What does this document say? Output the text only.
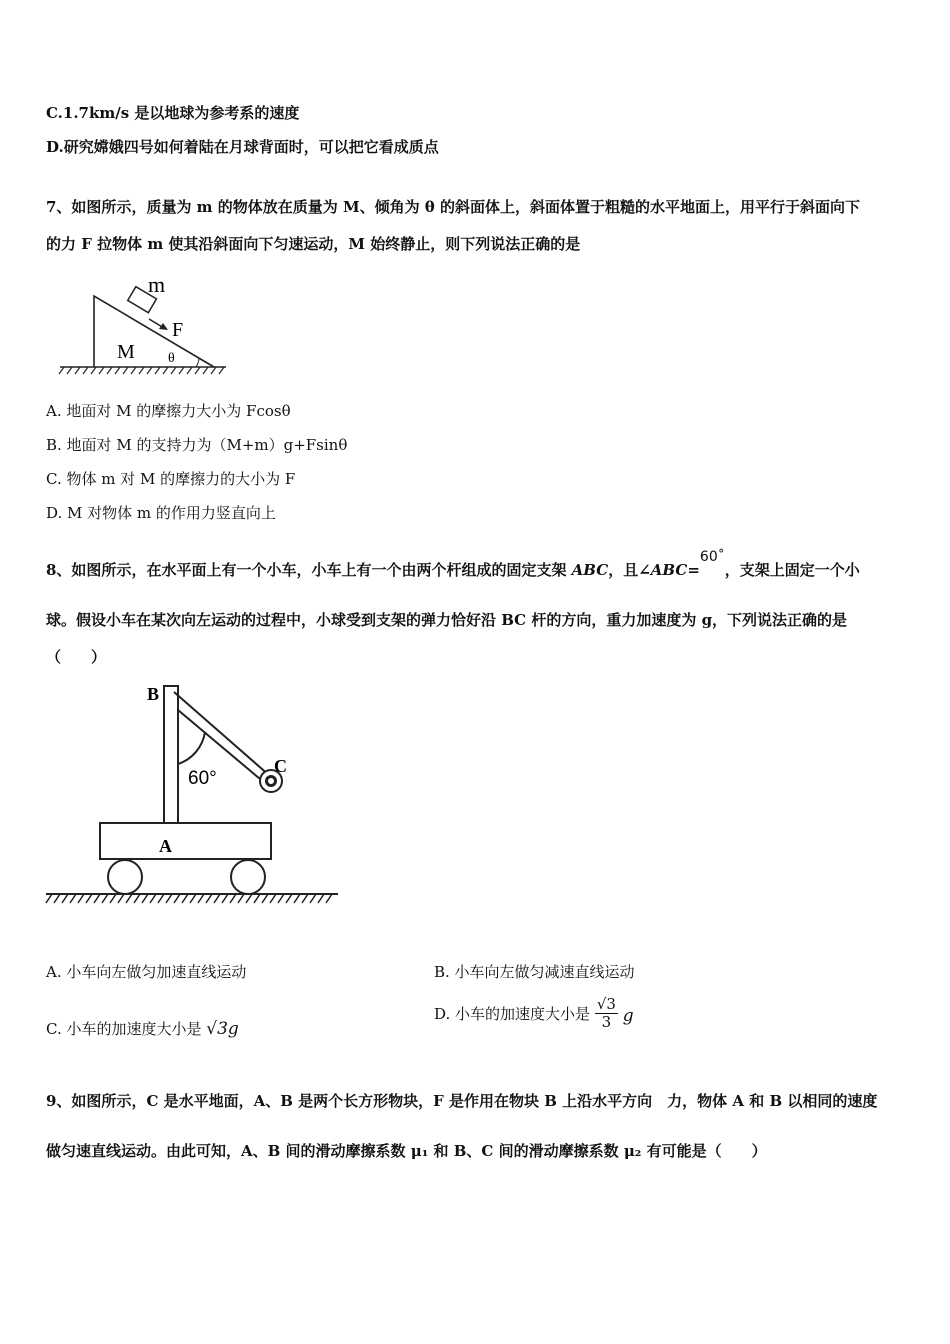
C.1.7km/s 是以地球为参考系的速度
D.研究嫦娥四号如何着陆在月球背面时，可以把它看成质点
7、如图所示，质量为 m 的物体放在质量为 M、倾角为 θ 的斜面体上，斜面体置于粗糙的水平地面上，用平行于斜面向下
的力 F 拉物体 m 使其沿斜面向下匀速运动，M 始终静止，则下列说法正确的是
m
F
M θ
A. 地面对 M 的摩擦力大小为 Fcosθ
B. 地面对 M 的支持力为（M+m）g+Fsinθ
C. 物体 m 对 M 的摩擦力的大小为 F
D. M 对物体 m 的作用力竖直向上
8、如图所示，在水平面上有一个小车，小车上有一个由两个杆组成的固定支架 ABC，且∠ABC=60˚，支架上固定一个小
球。假设小车在某次向左运动的过程中，小球受到支架的弹力恰好沿 BC 杆的方向，重力加速度为 g，下列说法正确的是
（　　）
B
C
A
60°
A. 小车向左做匀加速直线运动	B. 小车向左做匀减速直线运动
C. 小车的加速度大小是 √3g
D. 小车的加速度大小是 $\frac{√3}{3}$ g
9、如图所示，C 是水平地面，A、B 是两个长方形物块，F 是作用在物块 B 上沿水平方向　力，物体 A 和 B 以相同的速度
做匀速直线运动。由此可知，A、B 间的滑动摩擦系数 μ₁ 和 B、C 间的滑动摩擦系数 μ₂ 有可能是（　　）
